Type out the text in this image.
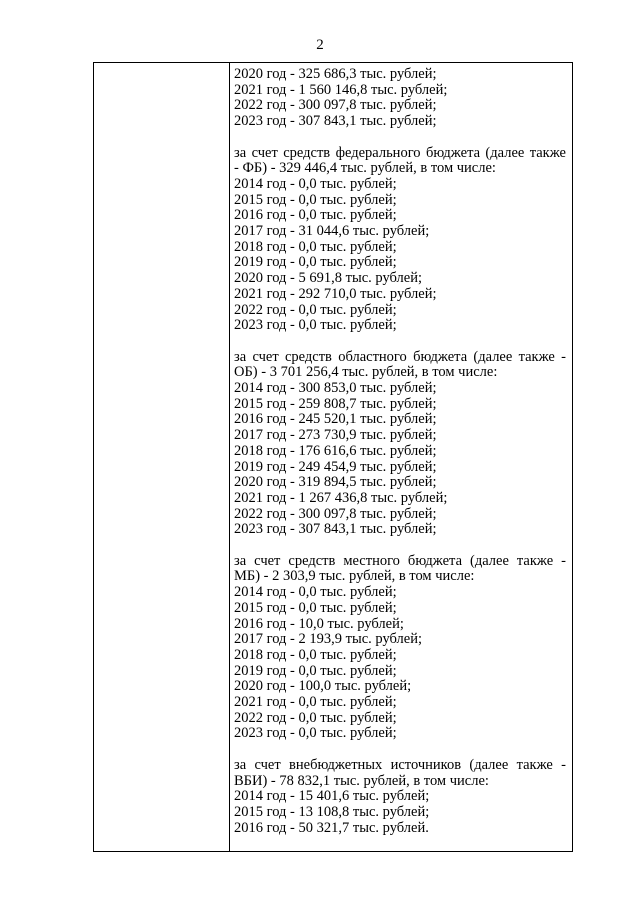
2
2020 год - 325 686,3 тыс. рублей;
2021 год - 1 560 146,8 тыс. рублей;
2022 год - 300 097,8 тыс. рублей;
2023 год - 307 843,1 тыс. рублей;
за счет средств федерального бюджета (далее также
- ФБ) - 329 446,4 тыс. рублей, в том числе:
2014 год - 0,0 тыс. рублей;
2015 год - 0,0 тыс. рублей;
2016 год - 0,0 тыс. рублей;
2017 год - 31 044,6 тыс. рублей;
2018 год - 0,0 тыс. рублей;
2019 год - 0,0 тыс. рублей;
2020 год - 5 691,8 тыс. рублей;
2021 год - 292 710,0 тыс. рублей;
2022 год - 0,0 тыс. рублей;
2023 год - 0,0 тыс. рублей;
за счет средств областного бюджета (далее также -
ОБ) - 3 701 256,4 тыс. рублей, в том числе:
2014 год - 300 853,0 тыс. рублей;
2015 год - 259 808,7 тыс. рублей;
2016 год - 245 520,1 тыс. рублей;
2017 год - 273 730,9 тыс. рублей;
2018 год - 176 616,6 тыс. рублей;
2019 год - 249 454,9 тыс. рублей;
2020 год - 319 894,5 тыс. рублей;
2021 год - 1 267 436,8 тыс. рублей;
2022 год - 300 097,8 тыс. рублей;
2023 год - 307 843,1 тыс. рублей;
за счет средств местного бюджета (далее также -
МБ) - 2 303,9 тыс. рублей, в том числе:
2014 год - 0,0 тыс. рублей;
2015 год - 0,0 тыс. рублей;
2016 год - 10,0 тыс. рублей;
2017 год - 2 193,9 тыс. рублей;
2018 год - 0,0 тыс. рублей;
2019 год - 0,0 тыс. рублей;
2020 год - 100,0 тыс. рублей;
2021 год - 0,0 тыс. рублей;
2022 год - 0,0 тыс. рублей;
2023 год - 0,0 тыс. рублей;
за счет внебюджетных источников (далее также -
ВБИ) - 78 832,1 тыс. рублей, в том числе:
2014 год - 15 401,6 тыс. рублей;
2015 год - 13 108,8 тыс. рублей;
2016 год - 50 321,7 тыс. рублей.
